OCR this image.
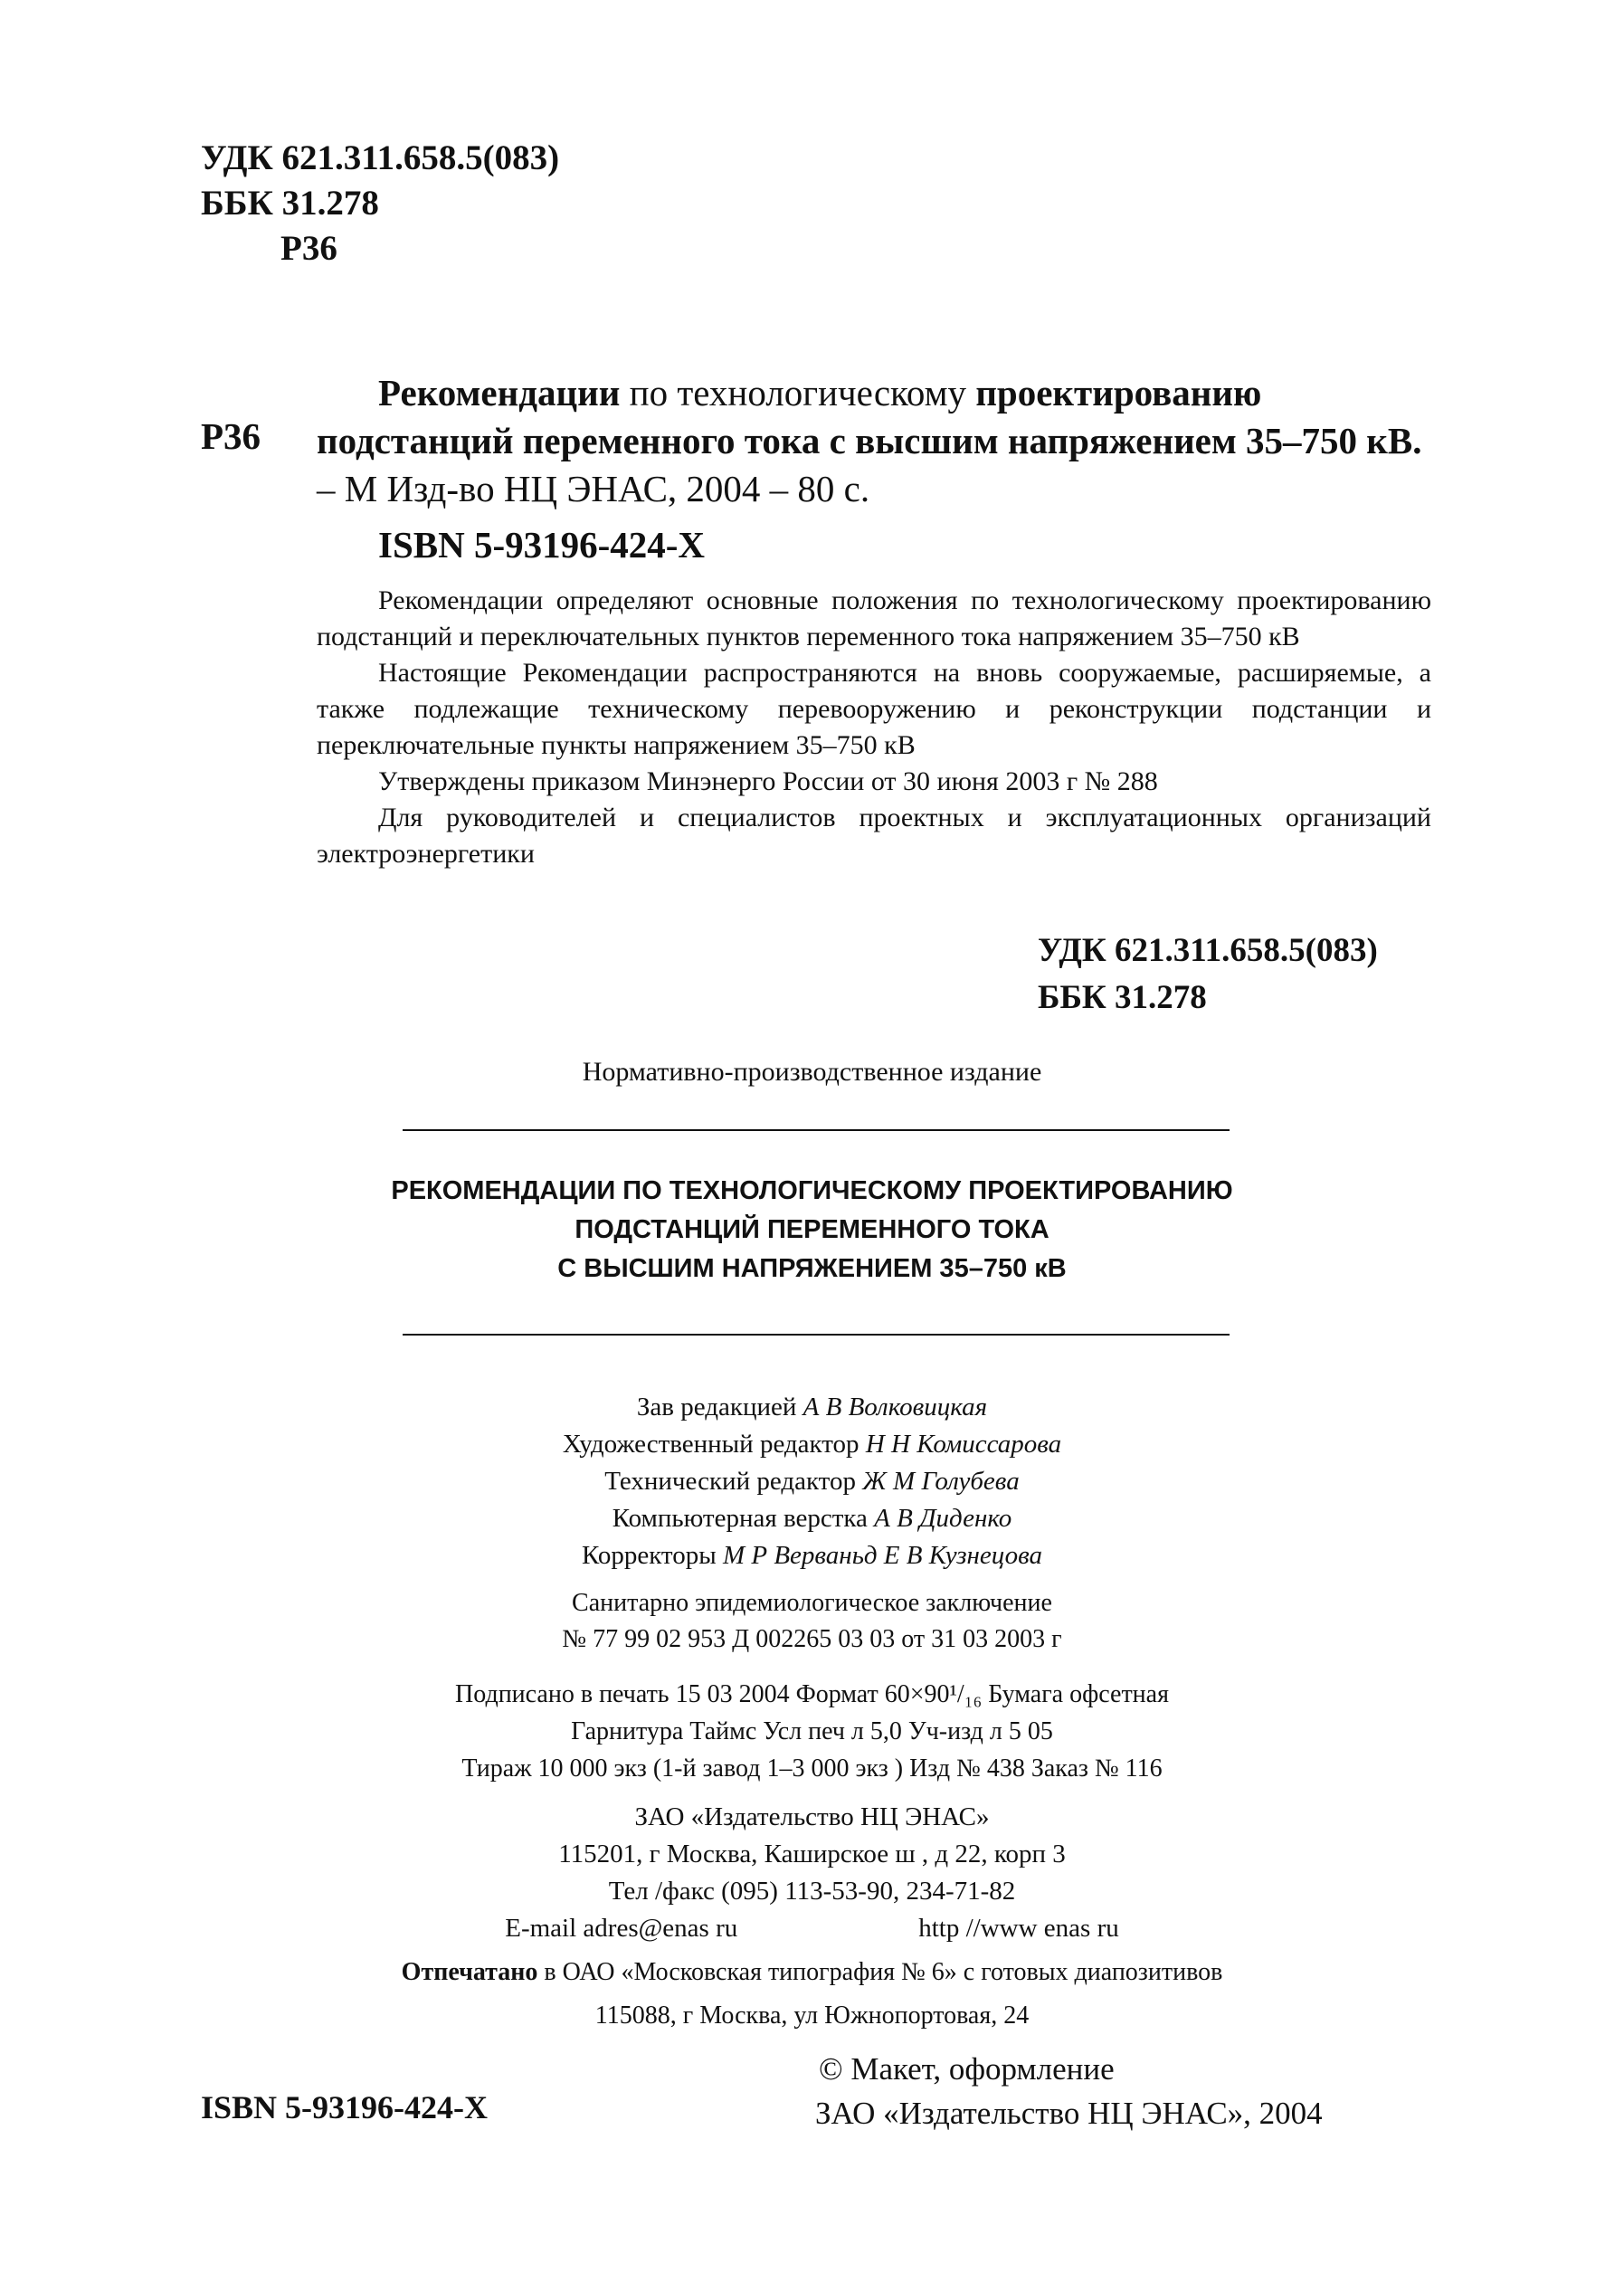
УДК 621.311.658.5(083)
ББК 31.278
Р36
Р36
Рекомендации по технологическому проектированию подстанций переменного тока с высшим напряжением 35–750 кВ. – М Изд-во НЦ ЭНАС, 2004 – 80 с.
ISBN 5-93196-424-X

Рекомендации определяют основные положения по технологическому проектированию подстанций и переключательных пунктов переменного тока напряжением 35–750 кВ

Настоящие Рекомендации распространяются на вновь сооружаемые, расширяемые, а также подлежащие техническому перевооружению и реконструкции подстанции и переключательные пункты напряжением 35–750 кВ

Утверждены приказом Минэнерго России от 30 июня 2003 г № 288

Для руководителей и специалистов проектных и эксплуатационных организаций электроэнергетики

УДК 621.311.658.5(083)
ББК 31.278
Нормативно-производственное издание
РЕКОМЕНДАЦИИ ПО ТЕХНОЛОГИЧЕСКОМУ ПРОЕКТИРОВАНИЮ
ПОДСТАНЦИЙ ПЕРЕМЕННОГО ТОКА
С ВЫСШИМ НАПРЯЖЕНИЕМ 35–750 кВ
Зав редакцией А В Волковицкая
Художественный редактор Н Н Комиссарова
Технический редактор Ж М Голубева
Компьютерная верстка А В Диденко
Корректоры М Р Верваньд Е В Кузнецова
Санитарно эпидемиологическое заключение
№ 77 99 02 953 Д 002265 03 03 от 31 03 2003 г
Подписано в печать 15 03 2004 Формат 60×90¹/₁₆ Бумага офсетная
Гарнитура Таймс Усл печ л 5,0 Уч-изд л 5 05
Тираж 10 000 экз (1-й завод 1–3 000 экз ) Изд № 438 Заказ № 116
ЗАО «Издательство НЦ ЭНАС»
115201, г Москва, Каширское ш , д 22, корп 3
Тел /факс (095) 113-53-90, 234-71-82
E-mail adres@enas ru	http //www enas ru
Отпечатано в ОАО «Московская типография № 6» с готовых диапозитивов
115088, г Москва, ул Южнопортовая, 24
ISBN 5-93196-424-X
© Макет, оформление
ЗАО «Издательство НЦ ЭНАС», 2004
